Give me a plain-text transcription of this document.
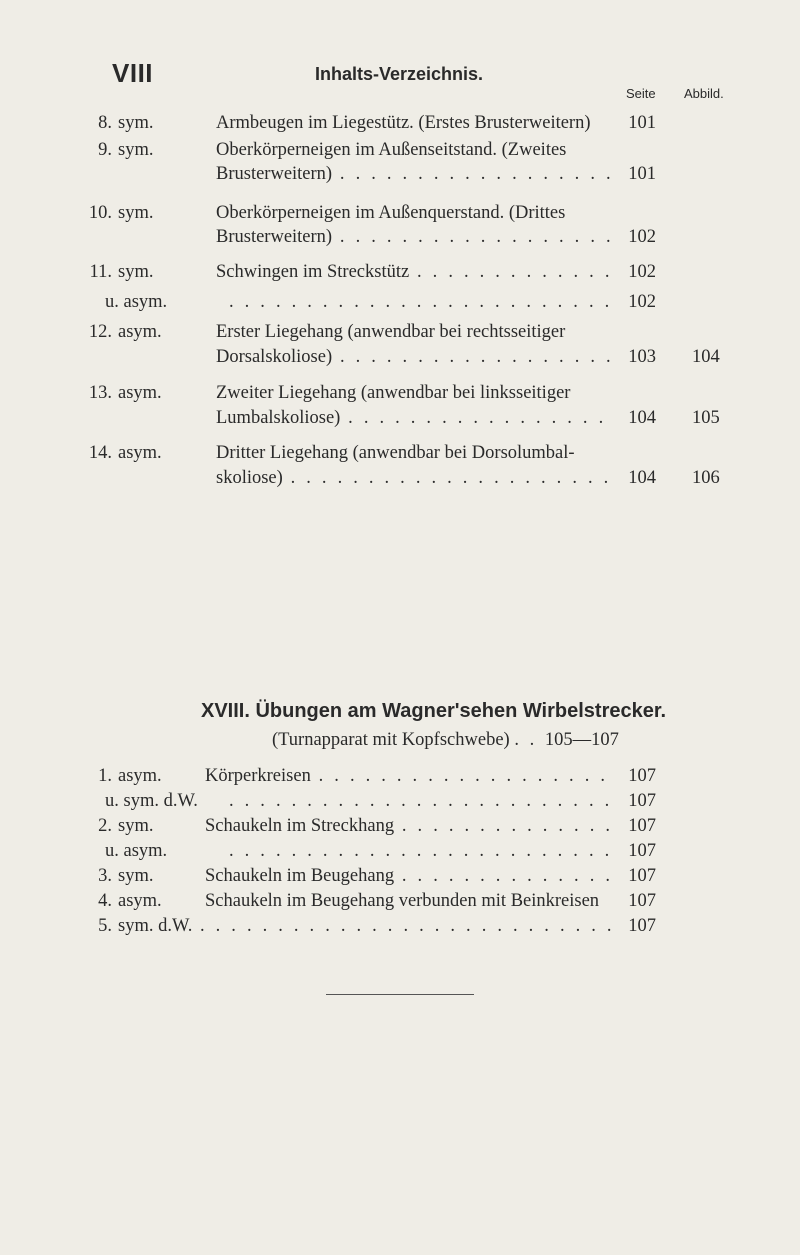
VIII	Inhalts-Verzeichnis.
Seite Abbild.
8. sym.	Armbeugen im Liegestütz. (Erstes Brusterweitern)	101
9. sym.	Oberkörperneigen im Außenseitstand. (Zweites
Brusterweitern) . . .	101
10. sym.	Oberkörperneigen im Außenquerstand. (Drittes
Brusterweitern) . . .	102
11. sym.	Schwingen im Streckstütz . . .	102
u. asym. . . .	102
12. asym.	Erster Liegehang (anwendbar bei rechtsseitiger
Dorsalskoliose) . . .	103 104
13. asym.	Zweiter Liegehang (anwendbar bei linksseitiger
Lumbalskoliose) . . .	104 105
14. asym.	Dritter Liegehang (anwendbar bei Dorsolumbal-
skoliose) . . .	104 106
XVIII. Übungen am Wagner'sehen Wirbelstrecker.
(Turnapparat mit Kopfschwebe) . . 105—107
1. asym. Körperkreisen . . .	107
u. sym. d.W. . . .	107
2. sym.	Schaukeln im Streckhang . . .	107
u. asym. . . .	107
3. sym.	Schaukeln im Beugehang . . .	107
4. asym. Schaukeln im Beugehang verbunden mit Beinkreisen	107
5. sym. d.W. . . .	107
